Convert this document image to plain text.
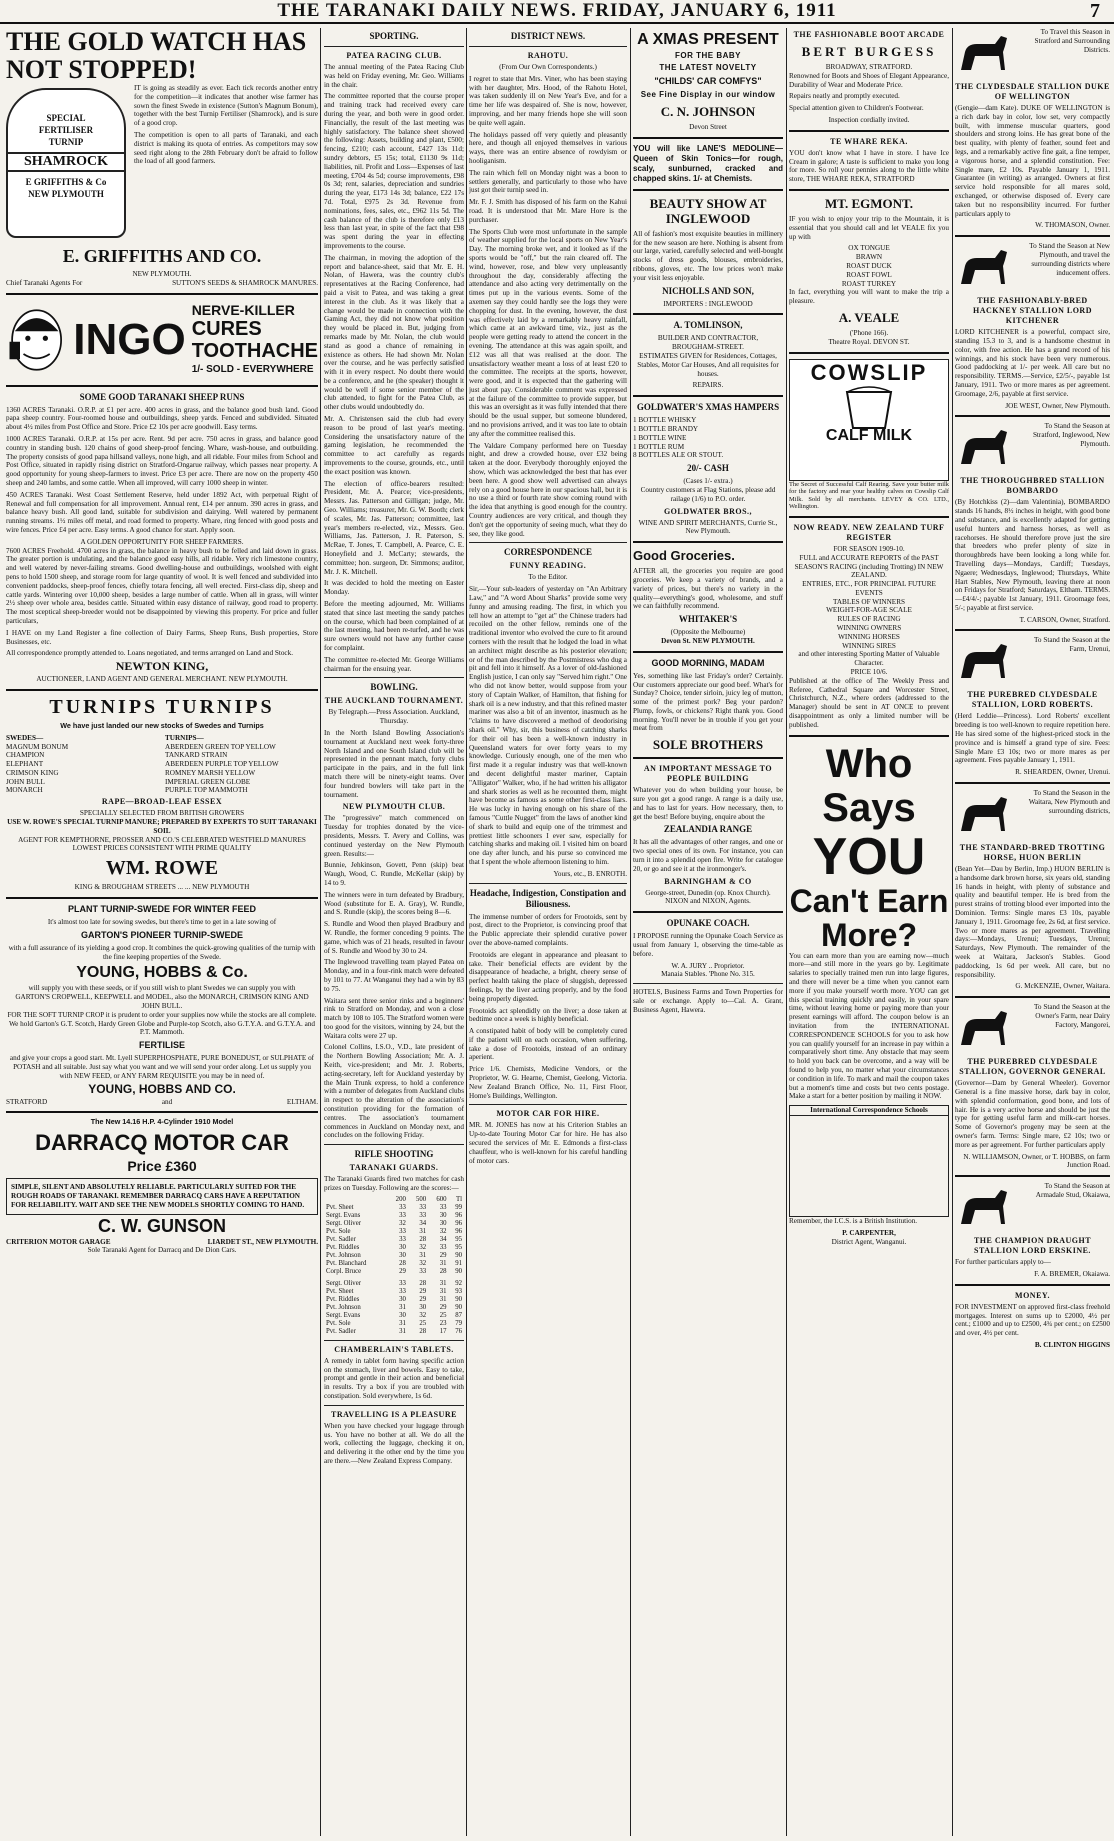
THE TARANAKI DAILY NEWS. FRIDAY, JANUARY 6, 1911	7
THE GOLD WATCH HAS NOT STOPPED!
SPECIAL
FERTILISER
TURNIP
SHAMROCK
E GRIFFITHS & Co
NEW PLYMOUTH

IT is going as steadily as ever. Each tick records another entry for the competition—it indicates that another wise farmer has sown the finest Swede in existence (Sutton's Magnum Bonum), together with the best Turnip Fertiliser (Shamrock), and is sure of a good crop.

The competition is open to all parts of Taranaki, and each district is making its quota of entries. As competitors may sow seed right along to the 28th February don't be afraid to follow the load of all good farmers.

E. GRIFFITHS AND CO.
NEW PLYMOUTH.
Chief Taranaki Agents For	SUTTON'S SEEDS & SHAMROCK MANURES.
INGO
NERVE-KILLER
CURES
TOOTHACHE
1/- SOLD - EVERYWHERE
SOME GOOD TARANAKI SHEEP RUNS

1360 ACRES Taranaki. O.R.P. at £1 per acre. 400 acres in grass, and the balance good bush land. Good papa sheep country. Four-roomed house and outbuildings, sheep yards. Fenced and subdivided. Situated about 4½ miles from Post Office and Store. Price £2 10s per acre goodwill. Easy terms.

1000 ACRES Taranaki. O.R.P. at 15s per acre. Rent. 9d per acre. 750 acres in grass, and balance good country in standing bush. 120 chains of good sheep-proof fencing. Whare, wash-house, and outbuilding. The property consists of good papa hillsand valleys, none high, and all ridable. Four miles from School and Post Office, situated in rapidly rising district on Stratford-Ongarue railway, which passes near property. A good opportunity for young sheep-farmers to invest. Price £3 per acre. There are now on the property 450 sheep and 240 lambs, and some cattle. When all improved, will carry 1000 sheep in winter.

450 ACRES Taranaki. West Coast Settlement Reserve, held under 1892 Act, with perpetual Right of Renewal and full compensation for all improvement. Annual rent, £14 per annum. 390 acres in grass, and balance heavy bush. All good land, suitable for subdivision and dairying. Well watered by permanent running streams. 1½ miles off metal, and road formed to property. Whare, ring fenced with good posts and wire fences. Price £4 per acre. Easy terms. A good chance for start. Apply soon.

A GOLDEN OPPORTUNITY FOR SHEEP FARMERS.

7600 ACRES Freehold. 4700 acres in grass, the balance in heavy bush to be felled and laid down in grass. The greater portion is undulating, and the balance good easy hills, all ridable. Very rich limestone country, and well watered by never-failing streams. Good dwelling-house and outbuildings, woolshed with eight pens to hold 1500 sheep, and storage room for large quantity of wool. It is well fenced and subdivided into convenient paddocks, sheep-proof fences, chiefly totara fencing, all well erected. First-class dip, sheep and cattle yards. Wintering over 10,000 sheep, besides a large number of cattle. When all in grass, will winter 2½ sheep over whole area, besides cattle. Situated within easy distance of railway, good road to property. The most sceptical sheep-breeder would not be disappointed by viewing this property. For price and fuller particulars,

I HAVE on my Land Register a fine collection of Dairy Farms, Sheep Runs, Bush properties, Store Businesses, etc.

All correspondence promptly attended to. Loans negotiated, and terms arranged on Land and Stock.

NEWTON KING,
AUCTIONEER, LAND AGENT AND GENERAL MERCHANT. NEW PLYMOUTH.
TURNIPS TURNIPS
We have just landed our new stocks of Swedes and Turnips
SWEDES—
MAGNUM BONUM
CHAMPION
ELEPHANT
CRIMSON KING
JOHN BULL
MONARCH
TURNIPS—
ABERDEEN GREEN TOP YELLOW
TANKARD STRAIN
ABERDEEN PURPLE TOP YELLOW
ROMNEY MARSH YELLOW
IMPERIAL GREEN GLOBE
PURPLE TOP MAMMOTH
RAPE—BROAD-LEAF ESSEX
SPECIALLY SELECTED FROM BRITISH GROWERS
USE W. ROWE'S SPECIAL TURNIP MANURE; PREPARED BY EXPERTS TO SUIT TARANAKI SOIL
AGENT FOR KEMPTHORNE, PROSSER AND CO.'S CELEBRATED WESTFIELD MANURES
LOWEST PRICES CONSISTENT WITH PRIME QUALITY
WM. ROWE
KING & BROUGHAM STREETS ... ... NEW PLYMOUTH
PLANT TURNIP-SWEDE FOR WINTER FEED
It's almost too late for sowing swedes, but there's time to get in a late sowing of
GARTON'S PIONEER TURNIP-SWEDE
with a full assurance of its yielding a good crop. It combines the quick-growing qualities of the turnip with the fine keeping properties of the Swede.
YOUNG, HOBBS & Co.
will supply you with these seeds, or if you still wish to plant Swedes we can supply you with
GARTON'S CROPWELL, KEEPWELL and MODEL, also the MONARCH, CRIMSON KING AND JOHN BULL.
FOR THE SOFT TURNIP CROP it is prudent to order your supplies now while the stocks are all complete.
We hold Garton's G.T. Scotch, Hardy Green Globe and Purple-top Scotch, also G.T.Y.A. and G.T.Y.A. and P.T. Mammoth.
FERTILISE
and give your crops a good start. Mt. Lyell SUPERPHOSPHATE, PURE BONEDUST, or SULPHATE of POTASH and all suitable. Just say what you want and we will send your order along. Let us supply you with NEW FEED, or ANY FARM REQUISITE you may be in need of.
YOUNG, HOBBS AND CO.
STRATFORD	and	ELTHAM.
The New 14.16 H.P. 4-Cylinder 1910 Model
DARRACQ MOTOR CAR
Price £360
SIMPLE, SILENT AND ABSOLUTELY RELIABLE. PARTICULARLY SUITED FOR THE ROUGH ROADS OF TARANAKI. REMEMBER DARRACQ CARS HAVE A REPUTATION FOR RELIABILITY. WAIT AND SEE THE NEW MODELS SHORTLY COMING TO HAND.
C. W. GUNSON
CRITERION MOTOR GARAGE	LIARDET ST., NEW PLYMOUTH.
Sole Taranaki Agent for Darracq and De Dion Cars.
SPORTING.
PATEA RACING CLUB.

The annual meeting of the Patea Racing Club was held on Friday evening, Mr. Geo. Williams in the chair.

The committee reported that the course proper and training track had received every care during the year, and both were in good order. Financially, the result of the last meeting was highly satisfactory. The balance sheet showed the following: Assets, building and plant, £500; fencing, £210; cash account, £427 13s 11d; sundry debtors, £5 15s; total, £1130 9s 11d; liabilities, nil. Profit and Loss—Expenses of last meeting, £704 4s 5d; course improvements, £98 0s 3d; rent, salaries, depreciation and sundries during the year, £173 14s 3d; balance, £22 17s 7d. Total, £975 2s 3d. Revenue from nominations, fees, sales, etc., £962 11s 5d. The cash balance of the club is therefore only £13 less than last year, in spite of the fact that £98 was spent during the year in effecting improvements to the course.

The chairman, in moving the adoption of the report and balance-sheet, said that Mr. E. H. Nolan, of Hawera, was the country club's representatives at the Racing Conference, had paid a visit to Patea, and was taking a great interest in the club. As it was likely that a change would be made in connection with the Gaming Act, they did not know what position they would be placed in. But, judging from remarks made by Mr. Nolan, the club would stand as good a chance of remaining in existence as others. He had shown Mr. Nolan over the course, and he was perfectly satisfied with it in every respect. No doubt there would be a conference, and he (the speaker) thought it would be well if some senior member of the club attended, to fight for the Patea Club, as other clubs would undoubtedly do.

Mr. A. Christensen said the club had every reason to be proud of last year's meeting. Considering the unsatisfactory nature of the gaming legislation, he recommended the committee to act carefully as regards improvements to the course, grounds, etc., until the exact position was known.

The election of office-bearers resulted: President, Mr. A. Pearce; vice-presidents, Messrs. Jas. Patterson and Gilligan; judge, Mr. Geo. Williams; treasurer, Mr. G. W. Booth; clerk of scales, Mr. Jas. Patterson; committee, last year's members re-elected, viz., Messrs. Geo. Williams, Jas. Patterson, J. R. Paterson, S. McRae, T. Jones, T. Campbell, A. Pearce, C. E. Honeyfield and J. McCarty; stewards, the committee; hon. surgeon, Dr. Simmons; auditor, Mr. J. K. Mitchell.

It was decided to hold the meeting on Easter Monday.

Before the meeting adjourned, Mr. Williams stated that since last meeting the sandy patches on the course, which had been complained of at the last meeting, had been re-turfed, and he was sure owners would not have any further cause for complaint.

The committee re-elected Mr. George Williams chairman for the ensuing year.

BOWLING.
THE AUCKLAND TOURNAMENT.

By Telegraph.—Press Association. Auckland, Thursday.

In the North Island Bowling Association's tournament at Auckland next week forty-three North Island and one South Island club will be represented in the pennant match, forty clubs participate in the pairs, and in the full link match there will be ninety-eight teams. Over four hundred bowlers will take part in the tournament.

NEW PLYMOUTH CLUB.

The "progressive" match commenced on Tuesday for trophies donated by the vice-presidents, Messrs. T. Avery and Collins, was continued yesterday on the New Plymouth green. Results:—

Bunnie, Jehkinson, Govett, Penn (skip) beat Waugh, Wood, C. Rundle, McKellar (skip) by 14 to 9.

The winners were in turn defeated by Bradbury, Wood (substitute for E. A. Gray), W. Rundle, and S. Rundle (skip), the scores being 8—6.

S. Rundle and Wood then played Bradbury and W. Rundle, the former conceding 9 points. The game, which was of 21 heads, resulted in favour of S. Rundle and Wood by 30 to 24.

The Inglewood travelling team played Patea on Monday, and in a four-rink match were defeated by 101 to 77. At Wanganui they had a win by 83 to 75.

Waitara sent three senior rinks and a beginners' rink to Stratford on Monday, and won a close match by 108 to 105. The Stratford women were too good for the visitors, winning by 24, but the Waitara colts were 27 up.

Colonel Collins, I.S.O., V.D., late president of the Northern Bowling Association; Mr. A. J. Keith, vice-president; and Mr. J. Roberts, acting-secretary, left for Auckland yesterday by the Main Trunk express, to hold a conference with a number of delegates from Auckland clubs in respect to the alteration of the association's constitution providing for the formation of centres. The association's tournament commences in Auckland on Monday next, and concludes on the following Friday.

RIFLE SHOOTING
TARANAKI GUARDS.

The Taranaki Guards fired two matches for cash prizes on Tuesday. Following are the scores:—

	200	500	600	Tl
Pvt. Sheet	33	33	33	99
Sergt. Evans	33	33	30	96
Sergt. Oliver	32	34	30	96
Pvt. Sole	33	31	32	96
Pvt. Sadler	33	28	34	95
Pvt. Riddles	30	32	33	95
Pvt. Johnson	30	31	29	90
Pvt. Blanchard	28	32	31	91
Corpl. Bruce	29	33	28	90

Sergt. Oliver	33	28	31	92
Pvt. Sheet	33	29	31	93
Pvt. Riddles	30	29	31	90
Pvt. Johnson	31	30	29	90
Sergt. Evans	30	32	25	87
Pvt. Sole	31	25	23	79
Pvt. Sadler	31	28	17	76
CHAMBERLAIN'S TABLETS.

A remedy in tablet form having specific action on the stomach, liver and bowels. Easy to take, prompt and gentle in their action and beneficial in results. Try a box if you are troubled with constipation. Sold everywhere, 1s 6d.

TRAVELLING IS A PLEASURE

When you have checked your luggage through us. You have no bother at all. We do all the work, collecting the luggage, checking it on, and delivering it the other end by the time you are there.—New Zealand Express Company.

DISTRICT NEWS.
RAHOTU.

(From Our Own Correspondents.)

I regret to state that Mrs. Viner, who has been staying with her daughter, Mrs. Hood, of the Rahotu Hotel, was taken suddenly ill on New Year's Eve, and for a time her life was despaired of. She is now, however, improving, and her many friends hope she will soon be quite well again.

The holidays passed off very quietly and pleasantly here, and though all enjoyed themselves in various ways, there was an entire absence of rowdyism or hooliganism.

The rain which fell on Monday night was a boon to settlers generally, and particularly to those who have just got their turnip seed in.

Mr. F. J. Smith has disposed of his farm on the Kahui road. It is understood that Mr. Mare Hore is the purchaser.

The Sports Club were most unfortunate in the sample of weather supplied for the local sports on New Year's Day. The morning broke wet, and it looked as if the sports would be "off," but the rain cleared off. The wind, however, rose, and blew very unpleasantly throughout the day, considerably affecting the attendance and also acting very detrimentally on the times put up in the various events. Some of the axemen say they could hardly see the logs they were chopping for dust. In the evening, however, the dust was effectively laid by a remarkably heavy rainfall, which came at an awkward time, viz., just as the people were getting ready to attend the concert in the evening. The attendance at this was again spoilt, and £12 was all that was realised at the door. The unsatisfactory weather meant a loss of at least £20 to the committee. The receipts at the sports, however, were good, and it is expected that the gathering will just about pay. Considerable comment was expressed at the failure of the committee to provide supper, but this was an oversight as it was fully intended that there should be the usual supper, but someone blundered, and no provisions arrived, and it was too late to obtain any after the committee realised this.

The Valdare Company performed here on Tuesday night, and drew a crowded house, over £32 being taken at the door. Everybody thoroughly enjoyed the show, which was acknowledged the best that has ever been here. A good show well advertised can always rely on a good house here in our spacious hall, but it is no use a third or fourth rate show coming round with the idea that anything is good enough for the country. Country audiences are very critical, and though they don't get the opportunity of seeing much, what they do see, they like good.

CORRESPONDENCE
FUNNY READING.

To the Editor.

Sir,—Your sub-leaders of yesterday on "An Arbitrary Law," and "A word About Sharks" provide some very funny and amusing reading. The first, in which you tell how an attempt to "get at" the Chinese traders had recoiled on the other fellow, reminds one of the traditional inventor who evolved the cure to fit around corners with the result that he lodged the load in what an architect might describe as his posterior elevation; or of the man described by the Postmistress who dug a pit and fell into it himself. As a lover of old-fashioned English justice, I can only say "Served him right." One who did not know better, would suppose from your story of Captain Walker, of Hamilton, that fishing for shark oil is a new industry, and that this refined master mariner was also a bit of an inventor, inasmuch as he "claims to have discovered a method of deodorising shark oil." Why, sir, this business of catching sharks for their oil has been a well-known industry in Queensland waters for over forty years to my knowledge. Curiously enough, one of the men who first made it a regular industry was that well-known and decent delightful master mariner, Captain "Alligator" Walker, who, if he had written his alligator and shark stories as well as he recounted them, might have become as famous as some other first-class liars. He was lucky in having enough on his share of the famous "Cuttle Nugget" from the laws of another kind of shark to build and equip one of the trimmest and prettiest little schooners I ever saw, especially for catching sharks and making oil. I visited him on board one day after lunch, and his purse so convinced me that I spent the whole afternoon listening to him.

Yours, etc., B. ENROTH.

Headache, Indigestion, Constipation and Biliousness.

The immense number of orders for Frootoids, sent by post, direct to the Proprietor, is convincing proof that the Public appreciate their splendid curative power over the above-named complaints.

Frootoids are elegant in appearance and pleasant to take. Their beneficial effects are evident by the disappearance of headache, a bright, cheery sense of perfect health taking the place of sluggish, depressed feelings, by the liver acting properly, and by the food being properly digested.

Frootoids act splendidly on the liver; a dose taken at bedtime once a week is highly beneficial.

A constipated habit of body will be completely cured if the patient will on each occasion, when suffering, take a dose of Frootoids, instead of an ordinary aperient.

Price 1/6. Chemists, Medicine Vendors, or the Proprietor, W. G. Hearne, Chemist, Geelong, Victoria. New Zealand Branch Office, No. 11, First Floor, Home's Buildings, Wellington.

MOTOR CAR FOR HIRE.

MR. M. JONES has now at his Criterion Stables an Up-to-date Touring Motor Car for hire. He has also secured the services of Mr. E. Edmonds a first-class chauffeur, who is well-known for his careful handling of motor cars.

A XMAS PRESENT
FOR THE BABY
THE LATEST NOVELTY
"CHILDS' CAR COMFYS"
See Fine Display in our window
C. N. JOHNSON
Devon Street

YOU will like LANE'S MEDOLINE—Queen of Skin Tonics—for rough, scaly, sunburned, cracked and chapped skins. 1/- at Chemists.

BEAUTY SHOW AT INGLEWOOD

All of fashion's most exquisite beauties in millinery for the new season are here. Nothing is absent from our large, varied, carefully selected and well-bought stocks of dress goods, blouses, embroideries, ribbons, gloves, etc. The low prices won't make your visit less enjoyable.

NICHOLLS AND SON,
IMPORTERS : INGLEWOOD
A. TOMLINSON,
BUILDER AND CONTRACTOR,
BROUGHAM-STREET.

ESTIMATES GIVEN for Residences, Cottages, Stables, Motor Car Houses, And all requisites for houses.

REPAIRS.
GOLDWATER'S XMAS HAMPERS
1 BOTTLE WHISKY
1 BOTTLE BRANDY
1 BOTTLE WINE
1 BOTTLE RUM
8 BOTTLES ALE OR STOUT.
20/- CASH
(Cases 1/- extra.)

Country customers at Flag Stations, please add railage (1/6) to P.O. order.

GOLDWATER BROS.,
WINE AND SPIRIT MERCHANTS, Currie St., New Plymouth.
Good Groceries.

AFTER all, the groceries you require are good groceries. We keep a variety of brands, and a variety of prices, but there's no variety in the quality—everything's good, wholesome, and stuff we can faithfully recommend.

WHITAKER'S
(Opposite the Melbourne)
Devon St. NEW PLYMOUTH.
GOOD MORNING, MADAM

Yes, something like last Friday's order? Certainly. Our customers appreciate our good beef. What's for Sunday? Choice, tender sirloin, juicy leg of mutton, some of the primest pork? Beg your pardon? Plump, fowls, or chickens? Right thank you. Good morning. You'll never be in trouble if you get your meat from

SOLE BROTHERS
AN IMPORTANT MESSAGE TO PEOPLE BUILDING

Whatever you do when building your house, be sure you get a good range. A range is a daily use, and has to last for years. How necessary, then, to get the best! Before buying, enquire about the

ZEALANDIA RANGE

It has all the advantages of other ranges, and one or two special ones of its own. For instance, you can turn it into a splendid open fire. Write for catalogue 20, or go and see it at the ironmonger's.

BARNINGHAM & CO
George-street, Dunedin (op. Knox Church).
NIXON and NIXON, Agents.
OPUNAKE COACH.

I PROPOSE running the Opunake Coach Service as usual from January 1, observing the time-table as before.

W. A. JURY .. Proprietor.
Manaia Stables. 'Phone No. 315.

HOTELS, Business Farms and Town Properties for sale or exchange. Apply to—Cal. A. Grant, Business Agent, Hawera.

THE FASHIONABLE BOOT ARCADE
BERT BURGESS
BROADWAY, STRATFORD.

Renowned for Boots and Shoes of Elegant Appearance, Durability of Wear and Moderate Price.

Repairs neatly and promptly executed.

Special attention given to Children's Footwear.

Inspection cordially invited.

TE WHARE REKA.

YOU don't know what I have in store. I have Ice Cream in galore; A taste is sufficient to make you long for more. So roll your pennies along to the little white store, THE WHARE REKA, STRATFORD

MT. EGMONT.

IF you wish to enjoy your trip to the Mountain, it is essential that you should call and let VEALE fix you up with

OX TONGUE
BRAWN
ROAST DUCK
ROAST FOWL
ROAST TURKEY

In fact, everything you will want to make the trip a pleasure.

A. VEALE
('Phone 166).
Theatre Royal. DEVON ST.
COWSLIP
CALF MILK

The Secret of Successful Calf Rearing. Save your butter milk for the factory and rear your healthy calves on Cowslip Calf Milk. Sold by all merchants. LEVEY & CO. LTD., Wellington.

NOW READY. NEW ZEALAND TURF REGISTER
FOR SEASON 1909-10.
FULL and ACCURATE REPORTS of the PAST SEASON'S RACING (including Trotting) IN NEW ZEALAND.
ENTRIES, ETC., FOR PRINCIPAL FUTURE EVENTS
TABLES OF WINNERS
WEIGHT-FOR-AGE SCALE
RULES OF RACING
WINNING OWNERS
WINNING HORSES
WINNING SIRES
and other interesting Sporting Matter of Valuable Character.
PRICE 10/6.

Published at the office of The Weekly Press and Referee, Cathedral Square and Worcester Street, Christchurch, N.Z., where orders (addressed to the Manager) should be sent in AT ONCE to prevent disappointment as only a limited number will be published.

Who Says
YOU
Can't Earn More?

You can earn more than you are earning now—much more—and still more in the years go by. Legitimate salaries to specially trained men run into large figures, and there will never be a time when you cannot earn more if you make yourself worth more. YOU can get this special training quickly and easily, in your spare time, without leaving home or paying more than your present earnings will afford. The coupon below is an invitation from the INTERNATIONAL CORRESPONDENCE SCHOOLS for you to ask how you can qualify yourself for an increase in pay within a comparatively short time. Any obstacle that may seem to hold you back can be overcome, and a way will be found to help you, no matter what your circumstances or condition in life. To mark and mail the coupon takes but a moment's time and costs but two cents postage. Make a start for a better position by mailing it NOW.

International Correspondence Schools

Remember, the I.C.S. is a British Institution.

P. CARPENTER,
District Agent, Wanganui.
To Travel this Season in Stratford and Surrounding Districts.
THE CLYDESDALE STALLION DUKE OF WELLINGTON

(Gengie—dam Kate). DUKE OF WELLINGTON is a rich dark bay in color, low set, very compactly built, with immense muscular quarters, good shoulders and strong loins. He has great bone of the best quality, with plenty of feather, sound feet and legs, and a remarkably active fine gait, a fine temper, a vigorous horse, and a splendid constitution. Fee: Single mare, £2 10s. Payable January 1, 1911. Guarantee (in writing) as arranged. Owners at first service hold responsible for all mares sold, exchanged, or otherwise disposed of. Every care taken but no responsibility incurred. For further particulars apply to

W. THOMASON, Owner.
To Stand the Season at New Plymouth, and travel the surrounding districts where inducement offers.
THE FASHIONABLY-BRED HACKNEY STALLION LORD KITCHENER

LORD KITCHENER is a powerful, compact sire, standing 15.3 to 3, and is a handsome chestnut in color, with free action. He has a grand record of his winnings, and his stock have been very numerous. Good paddocking at 1/- per week. All care but no responsibility. TERMS.—Service, £2/5/-, payable 1st January, 1911. Two or more mares as per agreement. Groomage, 2/6, payable at first service.

JOE WEST, Owner, New Plymouth.
To Stand the Season at Stratford, Inglewood, New Plymouth.
THE THOROUGHBRED STALLION BOMBARDO

(By Hotchkiss (2)—dam Valentinia), BOMBARDO stands 16 hands, 8½ inches in height, with good bone and substance, and is excellently adapted for getting useful hunters and harness horses, as well as racehorses. He should therefore prove just the sire that breeders who prefer plenty of size in thoroughbreds have been looking a long while for. Travelling days—Mondays, Cardiff; Tuesdays, Ngaere; Wednesdays, Inglewood; Thursdays, White Hart Stables, New Plymouth, leaving there at noon on Fridays for Stratford; Saturdays, Eltham. TERMS.—£4/4/-; payable 1st January, 1911. Groomage fees, 5/-; payable at first service.

T. CARSON, Owner, Stratford.
To Stand the Season at the Farm, Urenui,
THE PUREBRED CLYDESDALE STALLION, LORD ROBERTS.

(Herd Leddie—Princess). Lord Roberts' excellent breeding is too well-known to require repetition here. He has sired some of the highest-priced stock in the province and is himself a grand type of sire. Fees: Single Mare £3 10s; two or more mares as per agreement. Fees payable January 1, 1911.

R. SHEARDEN, Owner, Urenui.
To Stand the Season in the Waitara, New Plymouth and surrounding districts,
THE STANDARD-BRED TROTTING HORSE, HUON BERLIN

(Bean Yet—Dau by Berlin, Imp.) HUON BERLIN is a handsome dark brown horse, six years old, standing 16 hands in height, with plenty of substance and quality and beautiful temper. He is bred from the purest strains of trotting blood ever imported into the Dominion. Terms: Single mares £3 10s, payable January 1, 1911. Groomage fee, 2s 6d, at first service. Two or more mares as per agreement. Travelling days:—Mondays, Urenui; Tuesdays, Urenui; Saturdays, New Plymouth. The remainder of the week at Waitara, Jackson's Stables. Good paddocking, 1s 6d per week. All care, but no responsibility.

G. McKENZIE, Owner, Waitara.
To Stand the Season at the Owner's Farm, near Dairy Factory, Mangorei,
THE PUREBRED CLYDESDALE STALLION, GOVERNOR GENERAL

(Governor—Dam by General Wheeler). Governor General is a fine massive horse, dark bay in color, with splendid conformation, good bone, and lots of hair. He is a very active horse and should be just the type for getting useful farm and milk-cart horses. Some of Governor's progeny may be seen at the owner's farm. Terms: Single mare, £2 10s; two or more as per agreement. For further particulars apply

N. WILLIAMSON, Owner, or T. HOBBS, on farm Junction Road.
To Stand the Season at Armadale Stud, Okaiawa,
THE CHAMPION DRAUGHT STALLION LORD ERSKINE.

For further particulars apply to—

F. A. BREMER, Okaiawa.
MONEY.

FOR INVESTMENT on approved first-class freehold mortgages. Interest on sums up to £2000, 4½ per cent.; £1000 and up to £2500, 4¾ per cent.; on £2500 and over, 4½ per cent.

B. CLINTON HIGGINS
